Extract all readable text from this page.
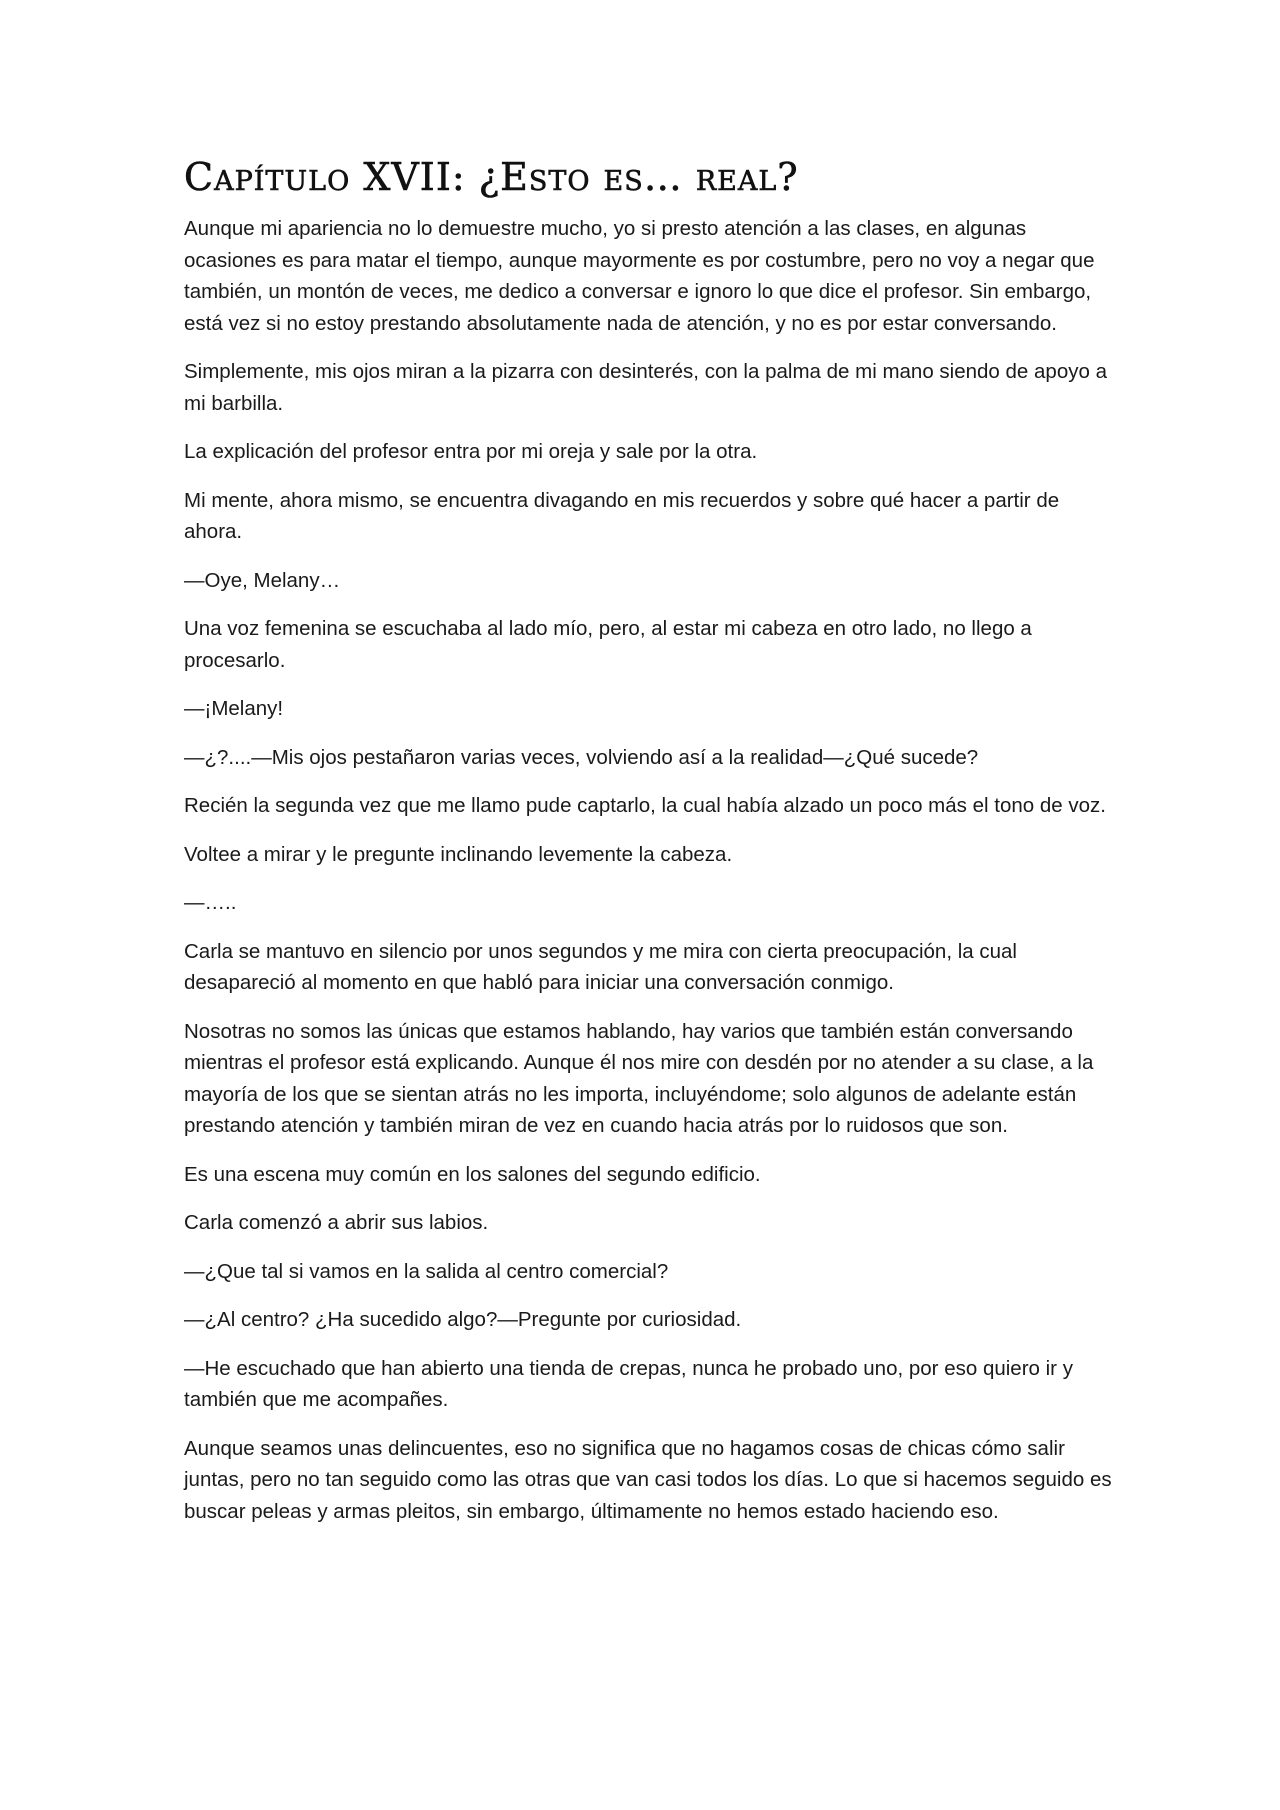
Capítulo XVII: ¿Esto es… real?

Aunque mi apariencia no lo demuestre mucho, yo si presto atención a las clases, en algunas ocasiones es para matar el tiempo, aunque mayormente es por costumbre, pero no voy a negar que también, un montón de veces, me dedico a conversar e ignoro lo que dice el profesor. Sin embargo, está vez si no estoy prestando absolutamente nada de atención, y no es por estar conversando.

Simplemente, mis ojos miran a la pizarra con desinterés, con la palma de mi mano siendo de apoyo a mi barbilla.

La explicación del profesor entra por mi oreja y sale por la otra.

Mi mente, ahora mismo, se encuentra divagando en mis recuerdos y sobre qué hacer a partir de ahora.

—Oye, Melany…

Una voz femenina se escuchaba al lado mío, pero, al estar mi cabeza en otro lado, no llego a procesarlo.

—¡Melany!

—¿?....—Mis ojos pestañaron varias veces, volviendo así a la realidad—¿Qué sucede?

Recién la segunda vez que me llamo pude captarlo, la cual había alzado un poco más el tono de voz.

Voltee a mirar y le pregunte inclinando levemente la cabeza.

—…..

Carla se mantuvo en silencio por unos segundos y me mira con cierta preocupación, la cual desapareció al momento en que habló para iniciar una conversación conmigo.

Nosotras no somos las únicas que estamos hablando, hay varios que también están conversando mientras el profesor está explicando. Aunque él nos mire con desdén por no atender a su clase, a la mayoría de los que se sientan atrás no les importa, incluyéndome; solo algunos de adelante están prestando atención y también miran de vez en cuando hacia atrás por lo ruidosos que son.

Es una escena muy común en los salones del segundo edificio.

Carla comenzó a abrir sus labios.

—¿Que tal si vamos en la salida al centro comercial?

—¿Al centro? ¿Ha sucedido algo?—Pregunte por curiosidad.

—He escuchado que han abierto una tienda de crepas, nunca he probado uno, por eso quiero ir y también que me acompañes.

Aunque seamos unas delincuentes, eso no significa que no hagamos cosas de chicas cómo salir juntas, pero no tan seguido como las otras que van casi todos los días. Lo que si hacemos seguido es buscar peleas y armas pleitos, sin embargo, últimamente no hemos estado haciendo eso.
